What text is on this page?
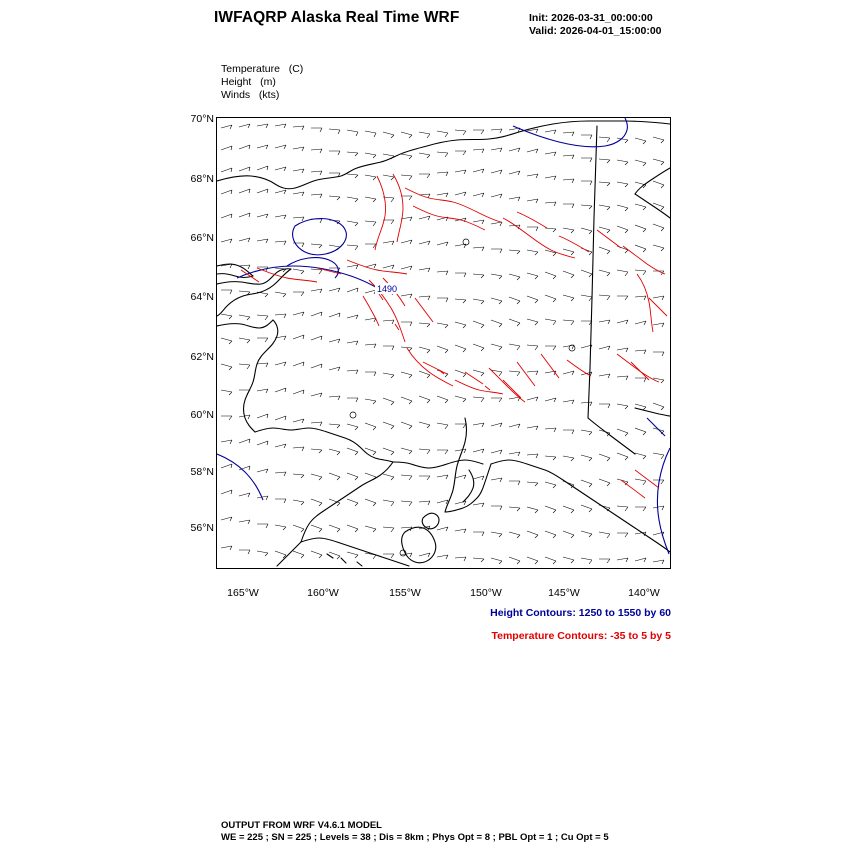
IWFAQRP Alaska Real Time WRF	Init: 2026-03-31_00:00:00
Valid: 2026-04-01_15:00:00
Temperature   (C)
Height   (m)
Winds   (kts)
1490
70°N
68°N
66°N
64°N
62°N
60°N
58°N
56°N
165°W	160°W	155°W	150°W	145°W	140°W
Height Contours: 1250 to 1550 by 60
Temperature Contours: -35 to 5 by 5
OUTPUT FROM WRF V4.6.1 MODEL
WE = 225 ; SN = 225 ; Levels = 38 ; Dis = 8km ; Phys Opt = 8 ; PBL Opt = 1 ; Cu Opt = 5
